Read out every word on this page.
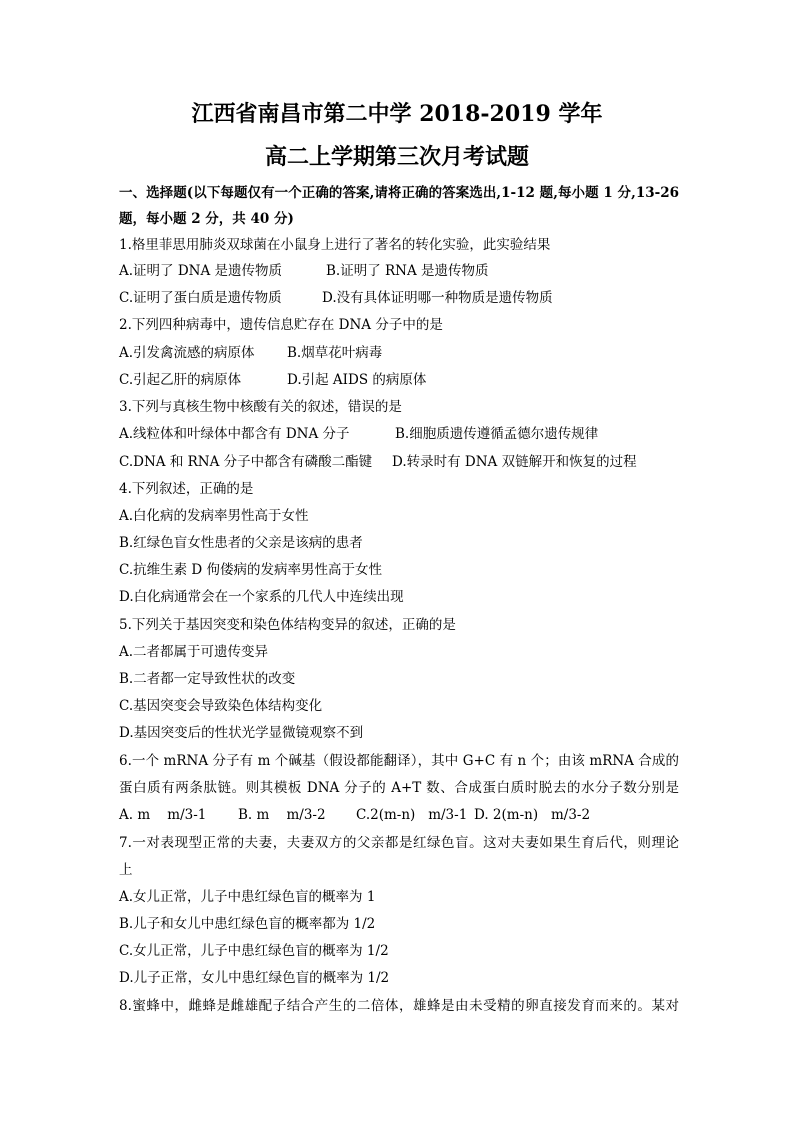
江西省南昌市第二中学 2018-2019 学年
高二上学期第三次月考试题
一、选择题(以下每题仅有一个正确的答案,请将正确的答案选出,1-12 题,每小题 1 分,13-26
题，每小题 2 分，共 40 分)
1.格里菲思用肺炎双球菌在小鼠身上进行了著名的转化实验，此实验结果
A.证明了 DNA 是遗传物质	B.证明了 RNA 是遗传物质
C.证明了蛋白质是遗传物质	D.没有具体证明哪一种物质是遗传物质
2.下列四种病毒中，遗传信息贮存在 DNA 分子中的是
A.引发禽流感的病原体 B.烟草花叶病毒
C.引起乙肝的病原体	D.引起 AIDS 的病原体
3.下列与真核生物中核酸有关的叙述，错误的是
A.线粒体和叶绿体中都含有 DNA 分子	B.细胞质遗传遵循孟德尔遗传规律
C.DNA 和 RNA 分子中都含有磷酸二酯键 D.转录时有 DNA 双链解开和恢复的过程
4.下列叙述，正确的是
A.白化病的发病率男性高于女性
B.红绿色盲女性患者的父亲是该病的患者
C.抗维生素 D 佝偻病的发病率男性高于女性
D.白化病通常会在一个家系的几代人中连续出现
5.下列关于基因突变和染色体结构变异的叙述，正确的是
A.二者都属于可遗传变异
B.二者都一定导致性状的改变
C.基因突变会导致染色体结构变化
D.基因突变后的性状光学显微镜观察不到
6.一个 mRNA 分子有 m 个碱基（假设都能翻译），其中 G+C 有 n 个；由该 mRNA 合成的
蛋白质有两条肽链。则其模板 DNA 分子的 A+T 数、合成蛋白质时脱去的水分子数分别是
A. m    m/3-1 B. m    m/3-2 C.2(m-n)   m/3-1 D. 2(m-n)   m/3-2
7.一对表现型正常的夫妻，夫妻双方的父亲都是红绿色盲。这对夫妻如果生育后代，则理论
上
A.女儿正常，儿子中患红绿色盲的概率为 1
B.儿子和女儿中患红绿色盲的概率都为 1/2
C.女儿正常，儿子中患红绿色盲的概率为 1/2
D.儿子正常，女儿中患红绿色盲的概率为 1/2
8.蜜蜂中，雌蜂是雌雄配子结合产生的二倍体，雄蜂是由未受精的卵直接发育而来的。某对
